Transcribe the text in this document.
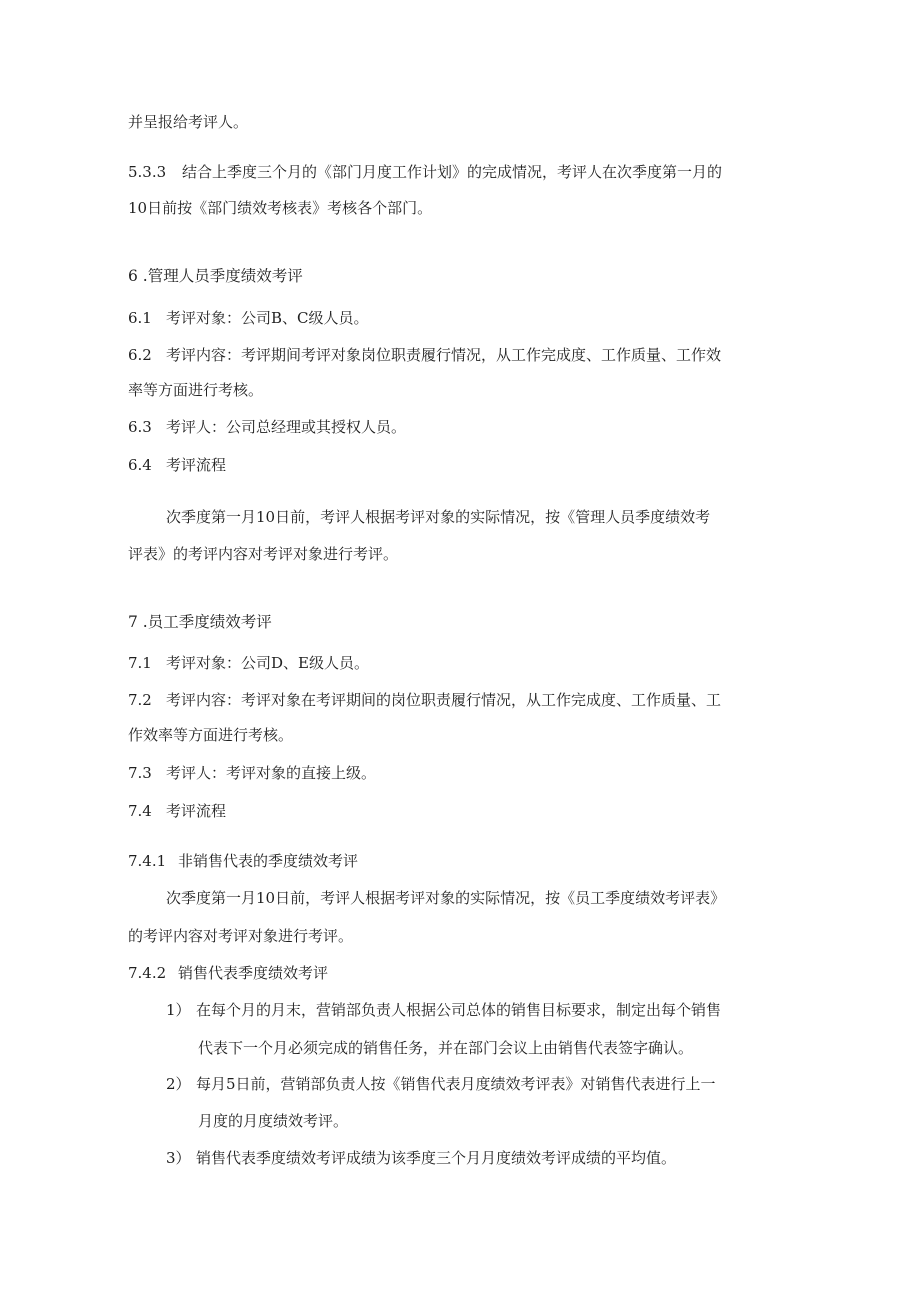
并呈报给考评人。
5.3.3 结合上季度三个月的《部门月度工作计划》的完成情况，考评人在次季度第一月的
10日前按《部门绩效考核表》考核各个部门。
6 .管理人员季度绩效考评
6.1 考评对象：公司B、C级人员。
6.2 考评内容：考评期间考评对象岗位职责履行情况，从工作完成度、工作质量、工作效
率等方面进行考核。
6.3 考评人：公司总经理或其授权人员。
6.4 考评流程
次季度第一月10日前，考评人根据考评对象的实际情况，按《管理人员季度绩效考
评表》的考评内容对考评对象进行考评。
7 .员工季度绩效考评
7.1 考评对象：公司D、E级人员。
7.2 考评内容：考评对象在考评期间的岗位职责履行情况，从工作完成度、工作质量、工
作效率等方面进行考核。
7.3 考评人：考评对象的直接上级。
7.4 考评流程
7.4.1 非销售代表的季度绩效考评
次季度第一月10日前，考评人根据考评对象的实际情况，按《员工季度绩效考评表》
的考评内容对考评对象进行考评。
7.4.2 销售代表季度绩效考评
1） 在每个月的月末，营销部负责人根据公司总体的销售目标要求，制定出每个销售
代表下一个月必须完成的销售任务，并在部门会议上由销售代表签字确认。
2） 每月5日前，营销部负责人按《销售代表月度绩效考评表》对销售代表进行上一
月度的月度绩效考评。
3） 销售代表季度绩效考评成绩为该季度三个月月度绩效考评成绩的平均值。
